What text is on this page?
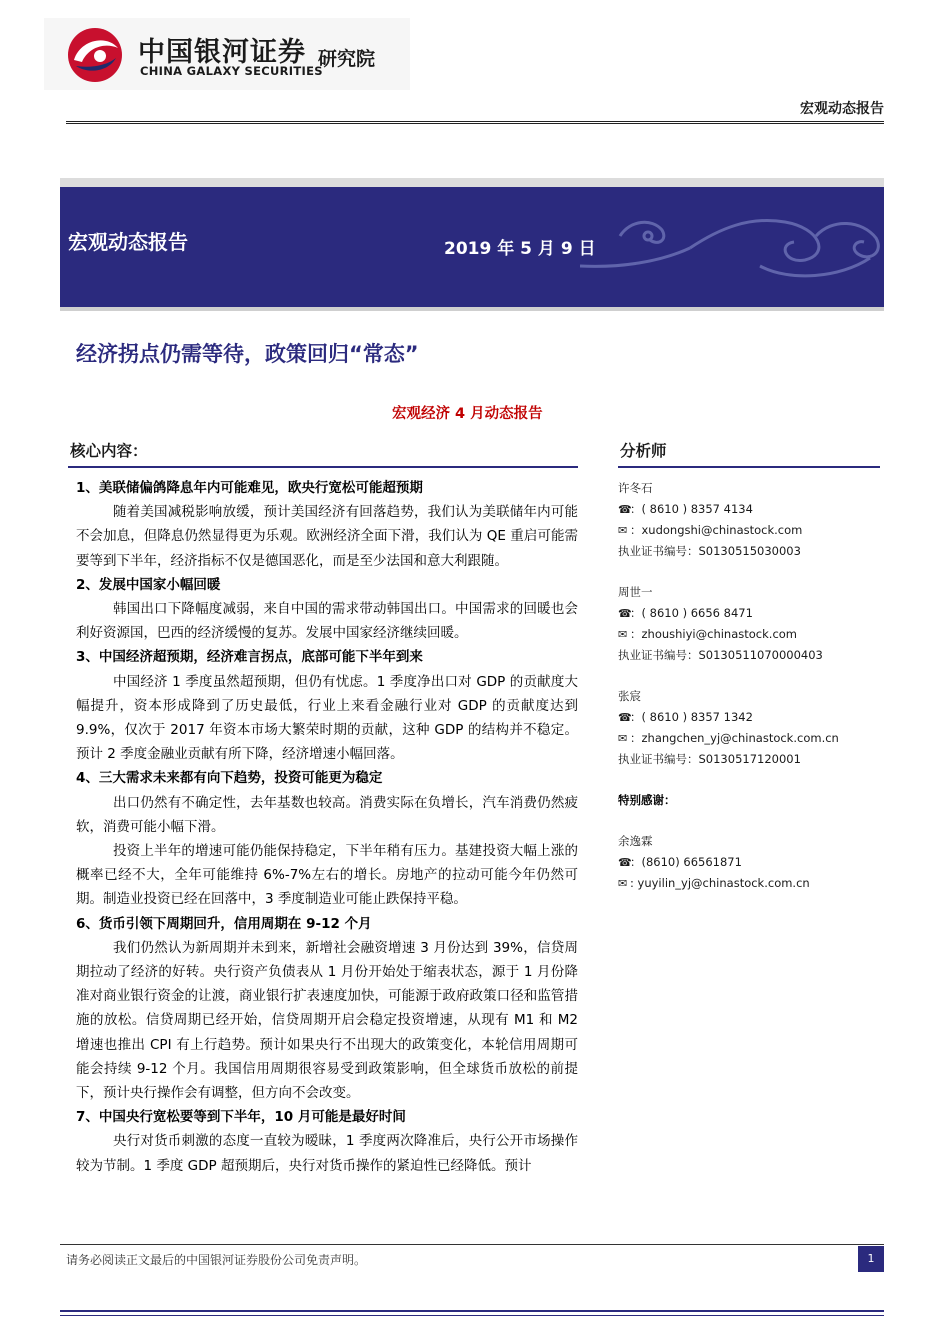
中国银河证券
CHINA GALAXY SECURITIES
研究院
宏观动态报告
宏观动态报告	2019 年 5 月 9 日
经济拐点仍需等待，政策回归“常态”
宏观经济 4 月动态报告
核心内容：

1、美联储偏鸽降息年内可能难见，欧央行宽松可能超预期

随着美国减税影响放缓，预计美国经济有回落趋势，我们认为美联储年内可能不会加息，但降息仍然显得更为乐观。欧洲经济全面下滑，我们认为 QE 重启可能需要等到下半年，经济指标不仅是德国恶化，而是至少法国和意大利跟随。

2、发展中国家小幅回暖

韩国出口下降幅度减弱，来自中国的需求带动韩国出口。中国需求的回暖也会利好资源国，巴西的经济缓慢的复苏。发展中国家经济继续回暖。

3、中国经济超预期，经济难言拐点，底部可能下半年到来

中国经济 1 季度虽然超预期，但仍有忧虑。1 季度净出口对 GDP 的贡献度大幅提升，资本形成降到了历史最低，行业上来看金融行业对 GDP 的贡献度达到 9.9%，仅次于 2017 年资本市场大繁荣时期的贡献，这种 GDP 的结构并不稳定。预计 2 季度金融业贡献有所下降，经济增速小幅回落。

4、三大需求未来都有向下趋势，投资可能更为稳定

出口仍然有不确定性，去年基数也较高。消费实际在负增长，汽车消费仍然疲软，消费可能小幅下滑。

投资上半年的增速可能仍能保持稳定，下半年稍有压力。基建投资大幅上涨的概率已经不大，全年可能维持 6%-7%左右的增长。房地产的拉动可能今年仍然可期。制造业投资已经在回落中，3 季度制造业可能止跌保持平稳。

6、货币引领下周期回升，信用周期在 9-12 个月

我们仍然认为新周期并未到来，新增社会融资增速 3 月份达到 39%，信贷周期拉动了经济的好转。央行资产负债表从 1 月份开始处于缩表状态，源于 1 月份降准对商业银行资金的让渡，商业银行扩表速度加快，可能源于政府政策口径和监管措施的放松。信贷周期已经开始，信贷周期开启会稳定投资增速，从现有 M1 和 M2 增速也推出 CPI 有上行趋势。预计如果央行不出现大的政策变化，本轮信用周期可能会持续 9-12 个月。我国信用周期很容易受到政策影响，但全球货币放松的前提下，预计央行操作会有调整，但方向不会改变。

7、中国央行宽松要等到下半年，10 月可能是最好时间

央行对货币刺激的态度一直较为暧昧，1 季度两次降准后，央行公开市场操作较为节制。1 季度 GDP 超预期后，央行对货币操作的紧迫性已经降低。预计

分析师
许冬石
☎：( 8610 ) 8357 4134
✉ ：xudongshi@chinastock.com
执业证书编号：S0130515030003
周世一
☎：( 8610 ) 6656 8471
✉ ：zhoushiyi@chinastock.com
执业证书编号：S0130511070000403
张宸
☎：( 8610 ) 8357 1342
✉ ：zhangchen_yj@chinastock.com.cn
执业证书编号：S0130517120001
特别感谢：
余逸霖
☎：(8610) 66561871
✉ : yuyilin_yj@chinastock.com.cn
请务必阅读正文最后的中国银河证券股份公司免责声明。	1
